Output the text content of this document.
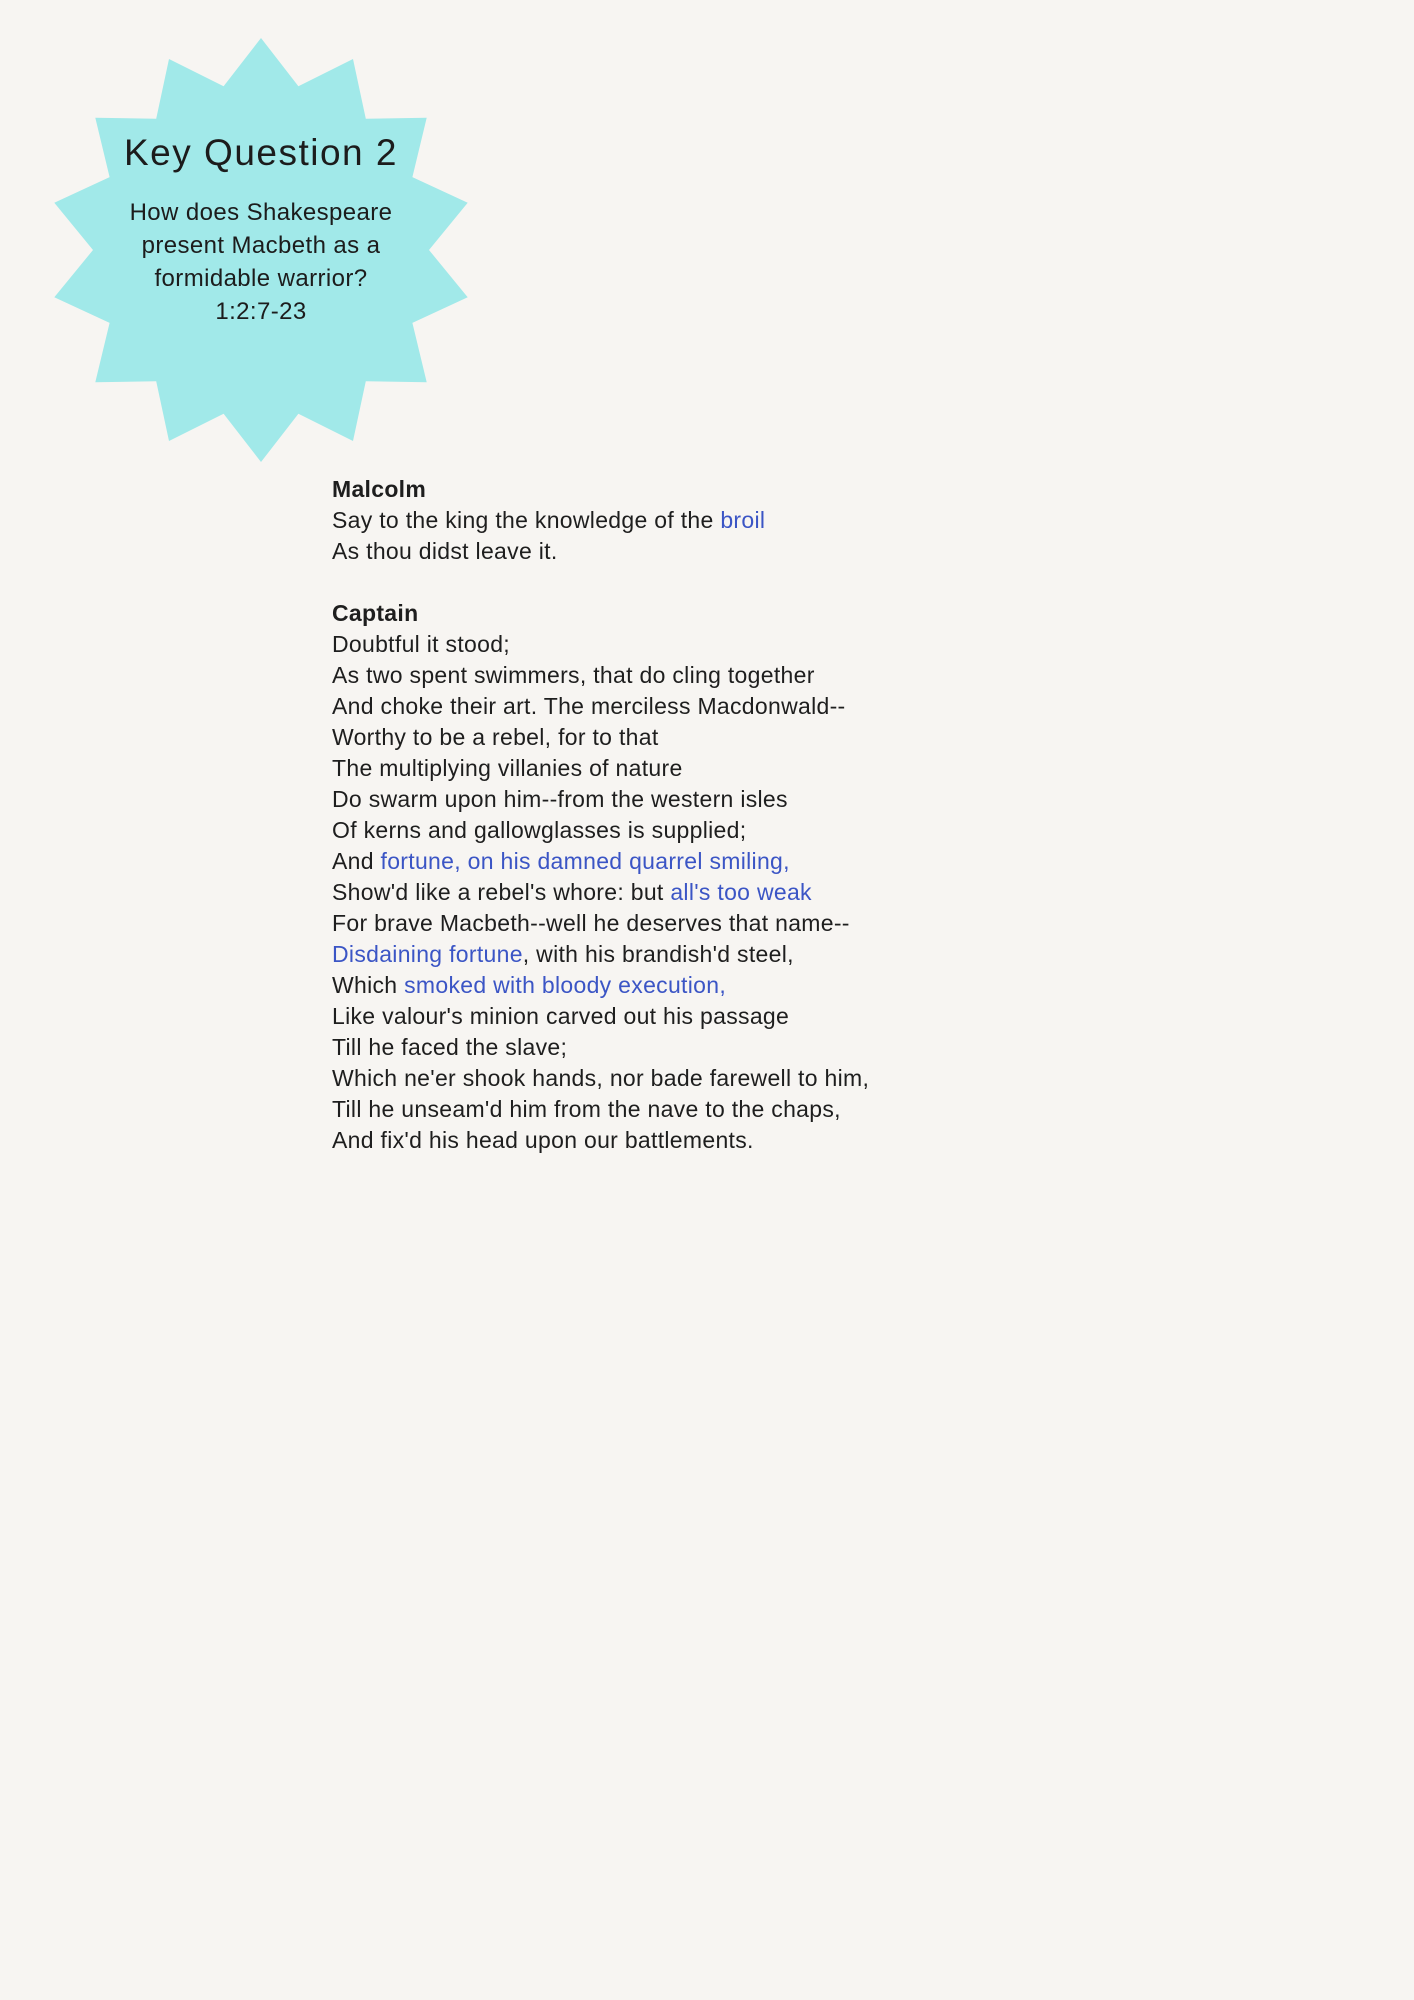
Key Question 2
How does Shakespeare
present Macbeth as a
formidable warrior?
1:2:7-23
Malcolm
Say to the king the knowledge of the broil
As thou didst leave it.
Captain
Doubtful it stood;
As two spent swimmers, that do cling together
And choke their art. The merciless Macdonwald--
Worthy to be a rebel, for to that
The multiplying villanies of nature
Do swarm upon him--from the western isles
Of kerns and gallowglasses is supplied;
And fortune, on his damned quarrel smiling,
Show'd like a rebel's whore: but all's too weak
For brave Macbeth--well he deserves that name--
Disdaining fortune, with his brandish'd steel,
Which smoked with bloody execution,
Like valour's minion carved out his passage
Till he faced the slave;
Which ne'er shook hands, nor bade farewell to him,
Till he unseam'd him from the nave to the chaps,
And fix'd his head upon our battlements.
